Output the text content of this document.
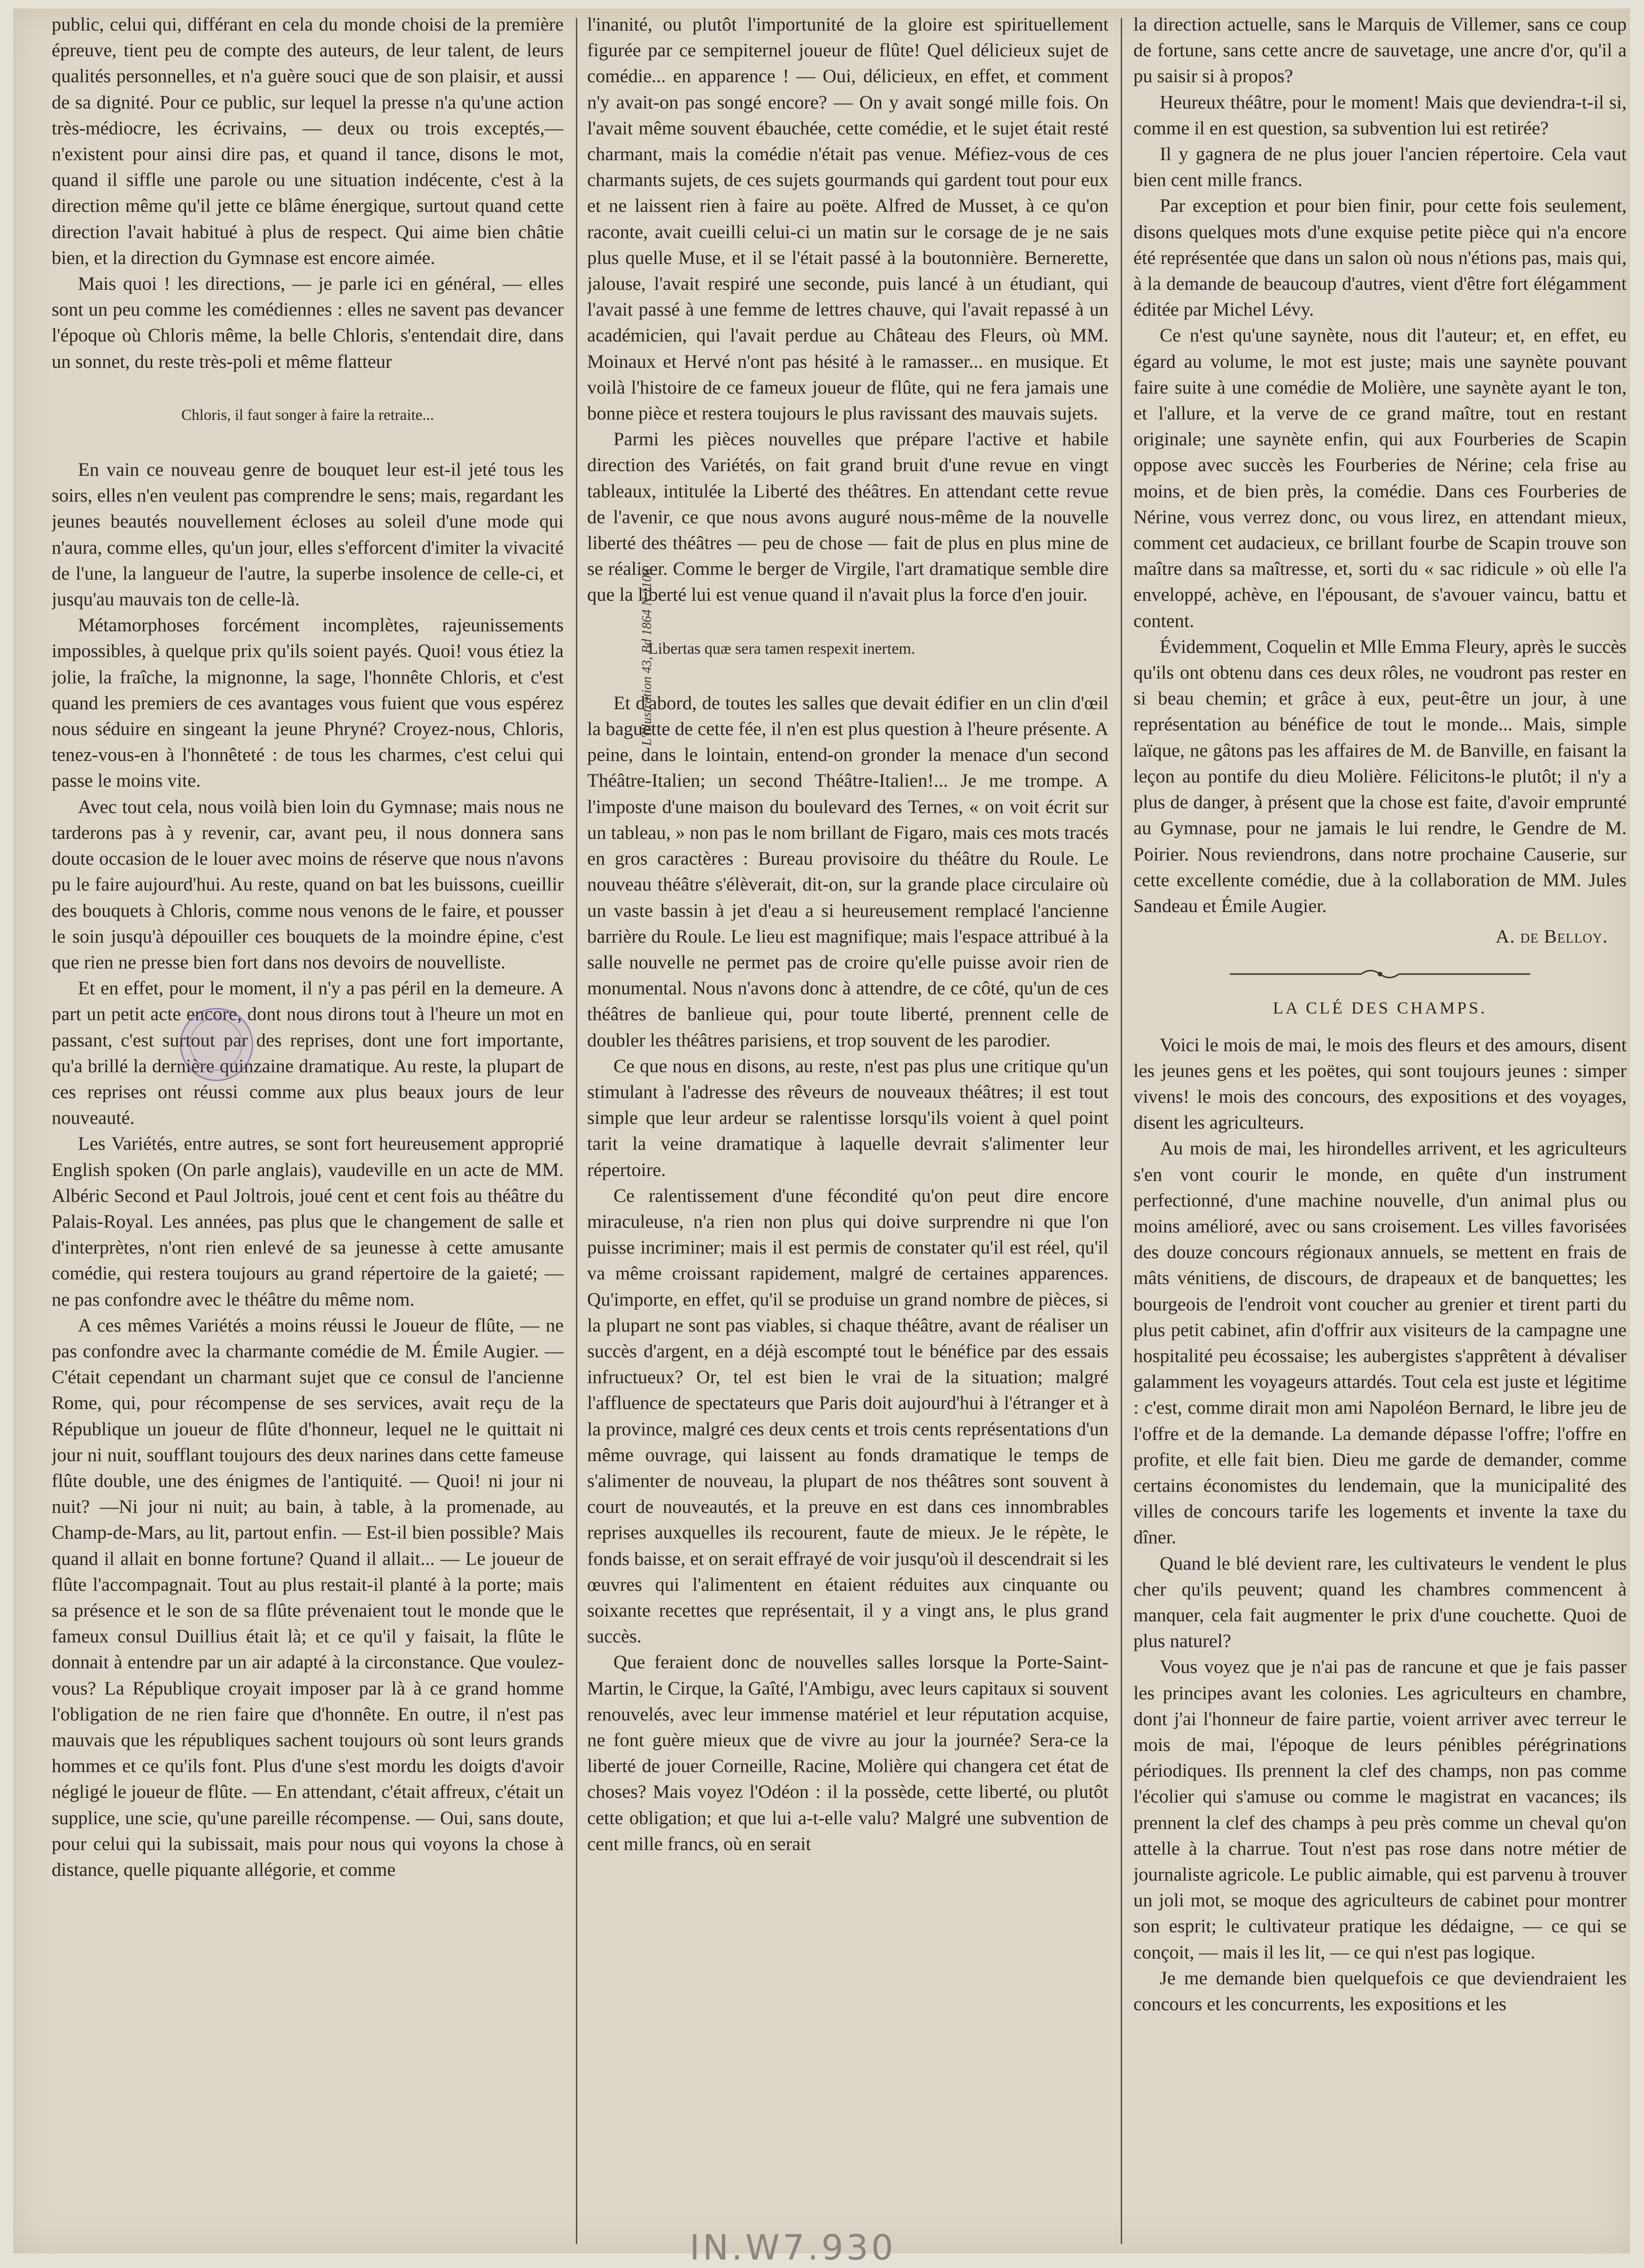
public, celui qui, différant en cela du monde choisi de la première épreuve, tient peu de compte des auteurs, de leur talent, de leurs qualités personnelles, et n'a guère souci que de son plaisir, et aussi de sa dignité. Pour ce public, sur lequel la presse n'a qu'une action très-médiocre, les écrivains, — deux ou trois exceptés,— n'existent pour ainsi dire pas, et quand il tance, disons le mot, quand il siffle une parole ou une situation indécente, c'est à la direction même qu'il jette ce blâme énergique, surtout quand cette direction l'avait habitué à plus de respect. Qui aime bien châtie bien, et la direction du Gymnase est encore aimée.

Mais quoi ! les directions, — je parle ici en général, — elles sont un peu comme les comédiennes : elles ne savent pas devancer l'époque où Chloris même, la belle Chloris, s'entendait dire, dans un sonnet, du reste très-poli et même flatteur

Chloris, il faut songer à faire la retraite...

En vain ce nouveau genre de bouquet leur est-il jeté tous les soirs, elles n'en veulent pas comprendre le sens; mais, regardant les jeunes beautés nouvellement écloses au soleil d'une mode qui n'aura, comme elles, qu'un jour, elles s'efforcent d'imiter la vivacité de l'une, la langueur de l'autre, la superbe insolence de celle-ci, et jusqu'au mauvais ton de celle-là.

Métamorphoses forcément incomplètes, rajeunissements impossibles, à quelque prix qu'ils soient payés. Quoi! vous étiez la jolie, la fraîche, la mignonne, la sage, l'honnête Chloris, et c'est quand les premiers de ces avantages vous fuient que vous espérez nous séduire en singeant la jeune Phryné? Croyez-nous, Chloris, tenez-vous-en à l'honnêteté : de tous les charmes, c'est celui qui passe le moins vite.

Avec tout cela, nous voilà bien loin du Gymnase; mais nous ne tarderons pas à y revenir, car, avant peu, il nous donnera sans doute occasion de le louer avec moins de réserve que nous n'avons pu le faire aujourd'hui. Au reste, quand on bat les buissons, cueillir des bouquets à Chloris, comme nous venons de le faire, et pousser le soin jusqu'à dépouiller ces bouquets de la moindre épine, c'est que rien ne presse bien fort dans nos devoirs de nouvelliste.

Et en effet, pour le moment, il n'y a pas péril en la demeure. A part un petit acte encore, dont nous dirons tout à l'heure un mot en passant, c'est surtout par des reprises, dont une fort importante, qu'a brillé la dernière quinzaine dramatique. Au reste, la plupart de ces reprises ont réussi comme aux plus beaux jours de leur nouveauté.

Les Variétés, entre autres, se sont fort heureusement approprié English spoken (On parle anglais), vaudeville en un acte de MM. Albéric Second et Paul Joltrois, joué cent et cent fois au théâtre du Palais-Royal. Les années, pas plus que le changement de salle et d'interprètes, n'ont rien enlevé de sa jeunesse à cette amusante comédie, qui restera toujours au grand répertoire de la gaieté; — ne pas confondre avec le théâtre du même nom.

A ces mêmes Variétés a moins réussi le Joueur de flûte, — ne pas confondre avec la charmante comédie de M. Émile Augier. — C'était cependant un charmant sujet que ce consul de l'ancienne Rome, qui, pour récompense de ses services, avait reçu de la République un joueur de flûte d'honneur, lequel ne le quittait ni jour ni nuit, soufflant toujours des deux narines dans cette fameuse flûte double, une des énigmes de l'antiquité. — Quoi! ni jour ni nuit? —Ni jour ni nuit; au bain, à table, à la promenade, au Champ-de-Mars, au lit, partout enfin. — Est-il bien possible? Mais quand il allait en bonne fortune? Quand il allait... — Le joueur de flûte l'accompagnait. Tout au plus restait-il planté à la porte; mais sa présence et le son de sa flûte prévenaient tout le monde que le fameux consul Duillius était là; et ce qu'il y faisait, la flûte le donnait à entendre par un air adapté à la circonstance. Que voulez-vous? La République croyait imposer par là à ce grand homme l'obligation de ne rien faire que d'honnête. En outre, il n'est pas mauvais que les républiques sachent toujours où sont leurs grands hommes et ce qu'ils font. Plus d'une s'est mordu les doigts d'avoir négligé le joueur de flûte. — En attendant, c'était affreux, c'était un supplice, une scie, qu'une pareille récompense. — Oui, sans doute, pour celui qui la subissait, mais pour nous qui voyons la chose à distance, quelle piquante allégorie, et comme

l'inanité, ou plutôt l'importunité de la gloire est spirituellement figurée par ce sempiternel joueur de flûte! Quel délicieux sujet de comédie... en apparence ! — Oui, délicieux, en effet, et comment n'y avait-on pas songé encore? — On y avait songé mille fois. On l'avait même souvent ébauchée, cette comédie, et le sujet était resté charmant, mais la comédie n'était pas venue. Méfiez-vous de ces charmants sujets, de ces sujets gourmands qui gardent tout pour eux et ne laissent rien à faire au poëte. Alfred de Musset, à ce qu'on raconte, avait cueilli celui-ci un matin sur le corsage de je ne sais plus quelle Muse, et il se l'était passé à la boutonnière. Bernerette, jalouse, l'avait respiré une seconde, puis lancé à un étudiant, qui l'avait passé à une femme de lettres chauve, qui l'avait repassé à un académicien, qui l'avait perdue au Château des Fleurs, où MM. Moinaux et Hervé n'ont pas hésité à le ramasser... en musique. Et voilà l'histoire de ce fameux joueur de flûte, qui ne fera jamais une bonne pièce et restera toujours le plus ravissant des mauvais sujets.

Parmi les pièces nouvelles que prépare l'active et habile direction des Variétés, on fait grand bruit d'une revue en vingt tableaux, intitulée la Liberté des théâtres. En attendant cette revue de l'avenir, ce que nous avons auguré nous-même de la nouvelle liberté des théâtres — peu de chose — fait de plus en plus mine de se réaliser. Comme le berger de Virgile, l'art dramatique semble dire que la liberté lui est venue quand il n'avait plus la force d'en jouir.

Libertas quæ sera tamen respexit inertem.

Et d'abord, de toutes les salles que devait édifier en un clin d'œil la baguette de cette fée, il n'en est plus question à l'heure présente. A peine, dans le lointain, entend-on gronder la menace d'un second Théâtre-Italien; un second Théâtre-Italien!... Je me trompe. A l'imposte d'une maison du boulevard des Ternes, « on voit écrit sur un tableau, » non pas le nom brillant de Figaro, mais ces mots tracés en gros caractères : Bureau provisoire du théâtre du Roule. Le nouveau théâtre s'élèverait, dit-on, sur la grande place circulaire où un vaste bassin à jet d'eau a si heureusement remplacé l'ancienne barrière du Roule. Le lieu est magnifique; mais l'espace attribué à la salle nouvelle ne permet pas de croire qu'elle puisse avoir rien de monumental. Nous n'avons donc à attendre, de ce côté, qu'un de ces théâtres de banlieue qui, pour toute liberté, prennent celle de doubler les théâtres parisiens, et trop souvent de les parodier.

Ce que nous en disons, au reste, n'est pas plus une critique qu'un stimulant à l'adresse des rêveurs de nouveaux théâtres; il est tout simple que leur ardeur se ralentisse lorsqu'ils voient à quel point tarit la veine dramatique à laquelle devrait s'alimenter leur répertoire.

Ce ralentissement d'une fécondité qu'on peut dire encore miraculeuse, n'a rien non plus qui doive surprendre ni que l'on puisse incriminer; mais il est permis de constater qu'il est réel, qu'il va même croissant rapidement, malgré de certaines apparences. Qu'importe, en effet, qu'il se produise un grand nombre de pièces, si la plupart ne sont pas viables, si chaque théâtre, avant de réaliser un succès d'argent, en a déjà escompté tout le bénéfice par des essais infructueux? Or, tel est bien le vrai de la situation; malgré l'affluence de spectateurs que Paris doit aujourd'hui à l'étranger et à la province, malgré ces deux cents et trois cents représentations d'un même ouvrage, qui laissent au fonds dramatique le temps de s'alimenter de nouveau, la plupart de nos théâtres sont souvent à court de nouveautés, et la preuve en est dans ces innombrables reprises auxquelles ils recourent, faute de mieux. Je le répète, le fonds baisse, et on serait effrayé de voir jusqu'où il descendrait si les œuvres qui l'alimentent en étaient réduites aux cinquante ou soixante recettes que représentait, il y a vingt ans, le plus grand succès.

Que feraient donc de nouvelles salles lorsque la Porte-Saint-Martin, le Cirque, la Gaîté, l'Ambigu, avec leurs capitaux si souvent renouvelés, avec leur immense matériel et leur réputation acquise, ne font guère mieux que de vivre au jour la journée? Sera-ce la liberté de jouer Corneille, Racine, Molière qui changera cet état de choses? Mais voyez l'Odéon : il la possède, cette liberté, ou plutôt cette obligation; et que lui a-t-elle valu? Malgré une subvention de cent mille francs, où en serait

la direction actuelle, sans le Marquis de Villemer, sans ce coup de fortune, sans cette ancre de sauvetage, une ancre d'or, qu'il a pu saisir si à propos?

Heureux théâtre, pour le moment! Mais que deviendra-t-il si, comme il en est question, sa subvention lui est retirée?

Il y gagnera de ne plus jouer l'ancien répertoire. Cela vaut bien cent mille francs.

Par exception et pour bien finir, pour cette fois seulement, disons quelques mots d'une exquise petite pièce qui n'a encore été représentée que dans un salon où nous n'étions pas, mais qui, à la demande de beaucoup d'autres, vient d'être fort élégamment éditée par Michel Lévy.

Ce n'est qu'une saynète, nous dit l'auteur; et, en effet, eu égard au volume, le mot est juste; mais une saynète pouvant faire suite à une comédie de Molière, une saynète ayant le ton, et l'allure, et la verve de ce grand maître, tout en restant originale; une saynète enfin, qui aux Fourberies de Scapin oppose avec succès les Fourberies de Nérine; cela frise au moins, et de bien près, la comédie. Dans ces Fourberies de Nérine, vous verrez donc, ou vous lirez, en attendant mieux, comment cet audacieux, ce brillant fourbe de Scapin trouve son maître dans sa maîtresse, et, sorti du « sac ridicule » où elle l'a enveloppé, achève, en l'épousant, de s'avouer vaincu, battu et content.

Évidemment, Coquelin et Mlle Emma Fleury, après le succès qu'ils ont obtenu dans ces deux rôles, ne voudront pas rester en si beau chemin; et grâce à eux, peut-être un jour, à une représentation au bénéfice de tout le monde... Mais, simple laïque, ne gâtons pas les affaires de M. de Banville, en faisant la leçon au pontife du dieu Molière. Félicitons-le plutôt; il n'y a plus de danger, à présent que la chose est faite, d'avoir emprunté au Gymnase, pour ne jamais le lui rendre, le Gendre de M. Poirier. Nous reviendrons, dans notre prochaine Causerie, sur cette excellente comédie, due à la collaboration de MM. Jules Sandeau et Émile Augier.

A. de Belloy.

LA CLÉ DES CHAMPS.

Voici le mois de mai, le mois des fleurs et des amours, disent les jeunes gens et les poëtes, qui sont toujours jeunes : simper vivens! le mois des concours, des expositions et des voyages, disent les agriculteurs.

Au mois de mai, les hirondelles arrivent, et les agriculteurs s'en vont courir le monde, en quête d'un instrument perfectionné, d'une machine nouvelle, d'un animal plus ou moins amélioré, avec ou sans croisement. Les villes favorisées des douze concours régionaux annuels, se mettent en frais de mâts vénitiens, de discours, de drapeaux et de banquettes; les bourgeois de l'endroit vont coucher au grenier et tirent parti du plus petit cabinet, afin d'offrir aux visiteurs de la campagne une hospitalité peu écossaise; les aubergistes s'apprêtent à dévaliser galamment les voyageurs attardés. Tout cela est juste et légitime : c'est, comme dirait mon ami Napoléon Bernard, le libre jeu de l'offre et de la demande. La demande dépasse l'offre; l'offre en profite, et elle fait bien. Dieu me garde de demander, comme certains économistes du lendemain, que la municipalité des villes de concours tarife les logements et invente la taxe du dîner.

Quand le blé devient rare, les cultivateurs le vendent le plus cher qu'ils peuvent; quand les chambres commencent à manquer, cela fait augmenter le prix d'une couchette. Quoi de plus naturel?

Vous voyez que je n'ai pas de rancune et que je fais passer les principes avant les colonies. Les agriculteurs en chambre, dont j'ai l'honneur de faire partie, voient arriver avec terreur le mois de mai, l'époque de leurs pénibles pérégrinations périodiques. Ils prennent la clef des champs, non pas comme l'écolier qui s'amuse ou comme le magistrat en vacances; ils prennent la clef des champs à peu près comme un cheval qu'on attelle à la charrue. Tout n'est pas rose dans notre métier de journaliste agricole. Le public aimable, qui est parvenu à trouver un joli mot, se moque des agriculteurs de cabinet pour montrer son esprit; le cultivateur pratique les dédaigne, — ce qui se conçoit, — mais il les lit, — ce qui n'est pas logique.

Je me demande bien quelquefois ce que deviendraient les concours et les concurrents, les expositions et les

L'Illustration 43, Bd 1864 N 1106
IN.W7.930
